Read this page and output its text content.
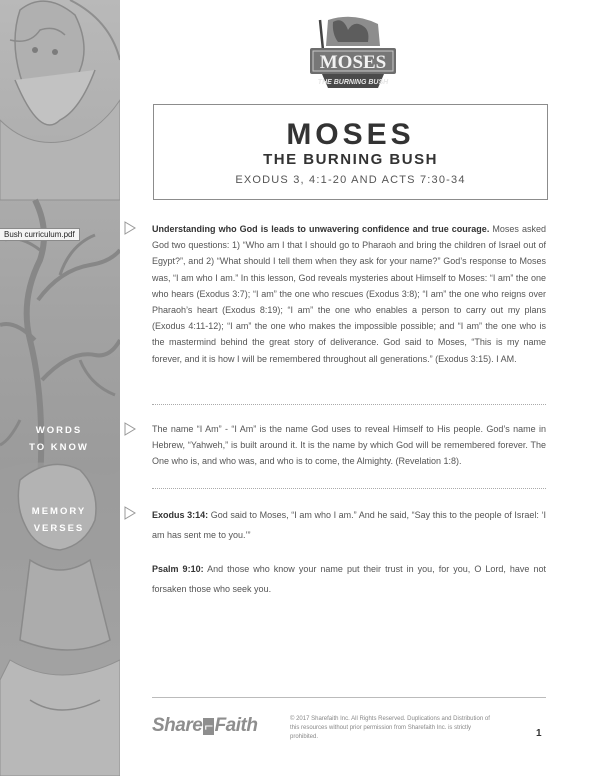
WORDS
TO KNOW
MEMORY
VERSES
Bush curriculum.pdf
MOSES
THE BURNING BUSH
MOSES
THE BURNING BUSH
EXODUS 3, 4:1-20 AND ACTS 7:30-34
Understanding who God is leads to unwavering confidence and true courage. Moses asked God two questions: 1) “Who am I that I should go to Pharaoh and bring the children of Israel out of Egypt?”, and 2) “What should I tell them when they ask for your name?” God’s response to Moses was, “I am who I am.” In this lesson, God reveals mysteries about Himself to Moses: “I am” the one who hears (Exodus 3:7); “I am” the one who rescues (Exodus 3:8); “I am” the one who reigns over Pharaoh’s heart (Exodus 8:19); “I am” the one who enables a person to carry out my plans (Exodus 4:11-12); “I am” the one who makes the impossible possible; and “I am” the one who is the mastermind behind the great story of deliverance. God said to Moses, “This is my name forever, and it is how I will be remembered throughout all generations.” (Exodus 3:15). I AM.
The name “I Am” - “I Am” is the name God uses to reveal Himself to His people. God’s name in Hebrew, “Yahweh,” is built around it. It is the name by which God will be remembered forever. The One who is, and who was, and who is to come, the Almighty. (Revelation 1:8).
Exodus 3:14: God said to Moses, “I am who I am.” And he said, “Say this to the people of Israel: ‘I am has sent me to you.’”
Psalm 9:10: And those who know your name put their trust in you, for you, O Lord, have not forsaken those who seek you.
Share ⌐ Faith	© 2017 Sharefaith Inc. All Rights Reserved. Duplications and Distribution of this resources without prior permission from Sharefaith Inc. is strictly prohibited.	1
